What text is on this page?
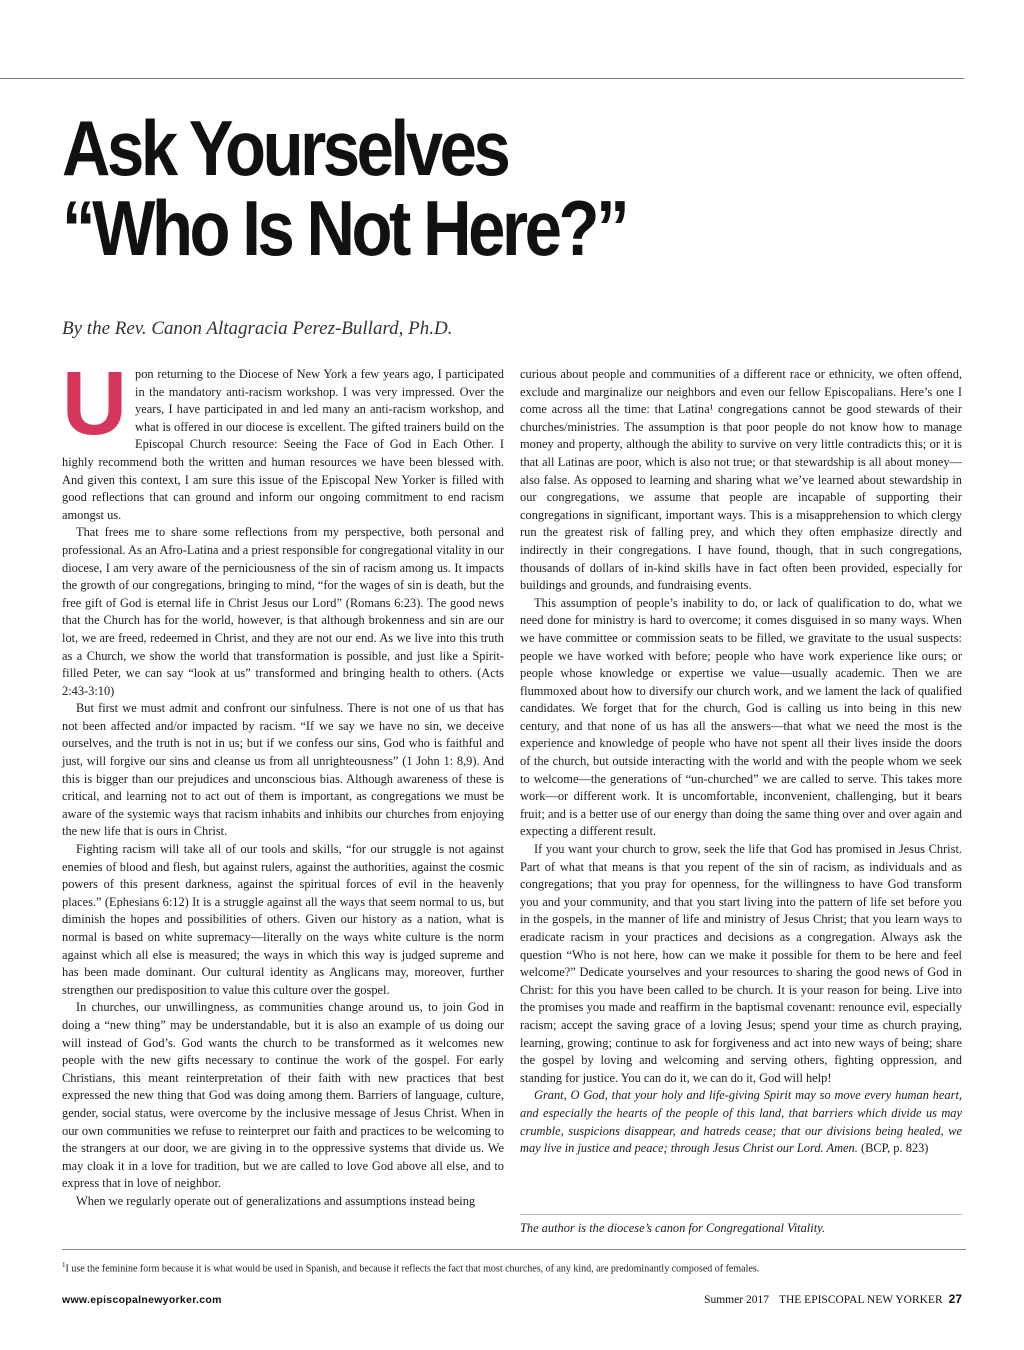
Ask Yourselves
“Who Is Not Here?”

By the Rev. Canon Altagracia Perez-Bullard, Ph.D.

Upon returning to the Diocese of New York a few years ago, I participated in the mandatory anti-racism workshop. I was very impressed. Over the years, I have participated in and led many an anti-racism workshop, and what is offered in our diocese is excellent. The gifted trainers build on the Episcopal Church resource: Seeing the Face of God in Each Other. I highly recommend both the written and human resources we have been blessed with. And given this context, I am sure this issue of the Episcopal New Yorker is filled with good reflections that can ground and inform our ongoing commitment to end racism amongst us.

That frees me to share some reflections from my perspective, both personal and professional. As an Afro-Latina and a priest responsible for congregational vitality in our diocese, I am very aware of the perniciousness of the sin of racism among us. It impacts the growth of our congregations, bringing to mind, “for the wages of sin is death, but the free gift of God is eternal life in Christ Jesus our Lord” (Romans 6:23). The good news that the Church has for the world, however, is that although brokenness and sin are our lot, we are freed, redeemed in Christ, and they are not our end. As we live into this truth as a Church, we show the world that transformation is possible, and just like a Spirit-filled Peter, we can say “look at us” transformed and bringing health to others. (Acts 2:43-3:10)

But first we must admit and confront our sinfulness. There is not one of us that has not been affected and/or impacted by racism. “If we say we have no sin, we deceive ourselves, and the truth is not in us; but if we confess our sins, God who is faithful and just, will forgive our sins and cleanse us from all unrighteousness” (1 John 1: 8,9). And this is bigger than our prejudices and unconscious bias. Although awareness of these is critical, and learning not to act out of them is important, as congregations we must be aware of the systemic ways that racism inhabits and inhibits our churches from enjoying the new life that is ours in Christ.

Fighting racism will take all of our tools and skills, “for our struggle is not against enemies of blood and flesh, but against rulers, against the authorities, against the cosmic powers of this present darkness, against the spiritual forces of evil in the heavenly places.” (Ephesians 6:12) It is a struggle against all the ways that seem normal to us, but diminish the hopes and possibilities of others. Given our history as a nation, what is normal is based on white supremacy—literally on the ways white culture is the norm against which all else is measured; the ways in which this way is judged supreme and has been made dominant. Our cultural identity as Anglicans may, moreover, further strengthen our predisposition to value this culture over the gospel.

In churches, our unwillingness, as communities change around us, to join God in doing a “new thing” may be understandable, but it is also an example of us doing our will instead of God’s. God wants the church to be transformed as it welcomes new people with the new gifts necessary to continue the work of the gospel. For early Christians, this meant reinterpretation of their faith with new practices that best expressed the new thing that God was doing among them. Barriers of language, culture, gender, social status, were overcome by the inclusive message of Jesus Christ. When in our own communities we refuse to reinterpret our faith and practices to be welcoming to the strangers at our door, we are giving in to the oppressive systems that divide us. We may cloak it in a love for tradition, but we are called to love God above all else, and to express that in love of neighbor.

When we regularly operate out of generalizations and assumptions instead being

curious about people and communities of a different race or ethnicity, we often offend, exclude and marginalize our neighbors and even our fellow Episcopalians. Here’s one I come across all the time: that Latina¹ congregations cannot be good stewards of their churches/ministries. The assumption is that poor people do not know how to manage money and property, although the ability to survive on very little contradicts this; or it is that all Latinas are poor, which is also not true; or that stewardship is all about money—also false. As opposed to learning and sharing what we’ve learned about stewardship in our congregations, we assume that people are incapable of supporting their congregations in significant, important ways. This is a misapprehension to which clergy run the greatest risk of falling prey, and which they often emphasize directly and indirectly in their congregations. I have found, though, that in such congregations, thousands of dollars of in-kind skills have in fact often been provided, especially for buildings and grounds, and fundraising events.

This assumption of people’s inability to do, or lack of qualification to do, what we need done for ministry is hard to overcome; it comes disguised in so many ways. When we have committee or commission seats to be filled, we gravitate to the usual suspects: people we have worked with before; people who have work experience like ours; or people whose knowledge or expertise we value—usually academic. Then we are flummoxed about how to diversify our church work, and we lament the lack of qualified candidates. We forget that for the church, God is calling us into being in this new century, and that none of us has all the answers—that what we need the most is the experience and knowledge of people who have not spent all their lives inside the doors of the church, but outside interacting with the world and with the people whom we seek to welcome—the generations of “un-churched” we are called to serve. This takes more work—or different work. It is uncomfortable, inconvenient, challenging, but it bears fruit; and is a better use of our energy than doing the same thing over and over again and expecting a different result.

If you want your church to grow, seek the life that God has promised in Jesus Christ. Part of what that means is that you repent of the sin of racism, as individuals and as congregations; that you pray for openness, for the willingness to have God transform you and your community, and that you start living into the pattern of life set before you in the gospels, in the manner of life and ministry of Jesus Christ; that you learn ways to eradicate racism in your practices and decisions as a congregation. Always ask the question “Who is not here, how can we make it possible for them to be here and feel welcome?” Dedicate yourselves and your resources to sharing the good news of God in Christ: for this you have been called to be church. It is your reason for being. Live into the promises you made and reaffirm in the baptismal covenant: renounce evil, especially racism; accept the saving grace of a loving Jesus; spend your time as church praying, learning, growing; continue to ask for forgiveness and act into new ways of being; share the gospel by loving and welcoming and serving others, fighting oppression, and standing for justice. You can do it, we can do it, God will help!

Grant, O God, that your holy and life-giving Spirit may so move every human heart, and especially the hearts of the people of this land, that barriers which divide us may crumble, suspicions disappear, and hatreds cease; that our divisions being healed, we may live in justice and peace; through Jesus Christ our Lord. Amen. (BCP, p. 823)

The author is the diocese’s canon for Congregational Vitality.

$^1$I use the feminine form because it is what would be used in Spanish, and because it reflects the fact that most churches, of any kind, are predominantly composed of females.

www.episcopalnewyorker.com	Summer 2017 THE EPISCOPAL NEW YORKER 27
